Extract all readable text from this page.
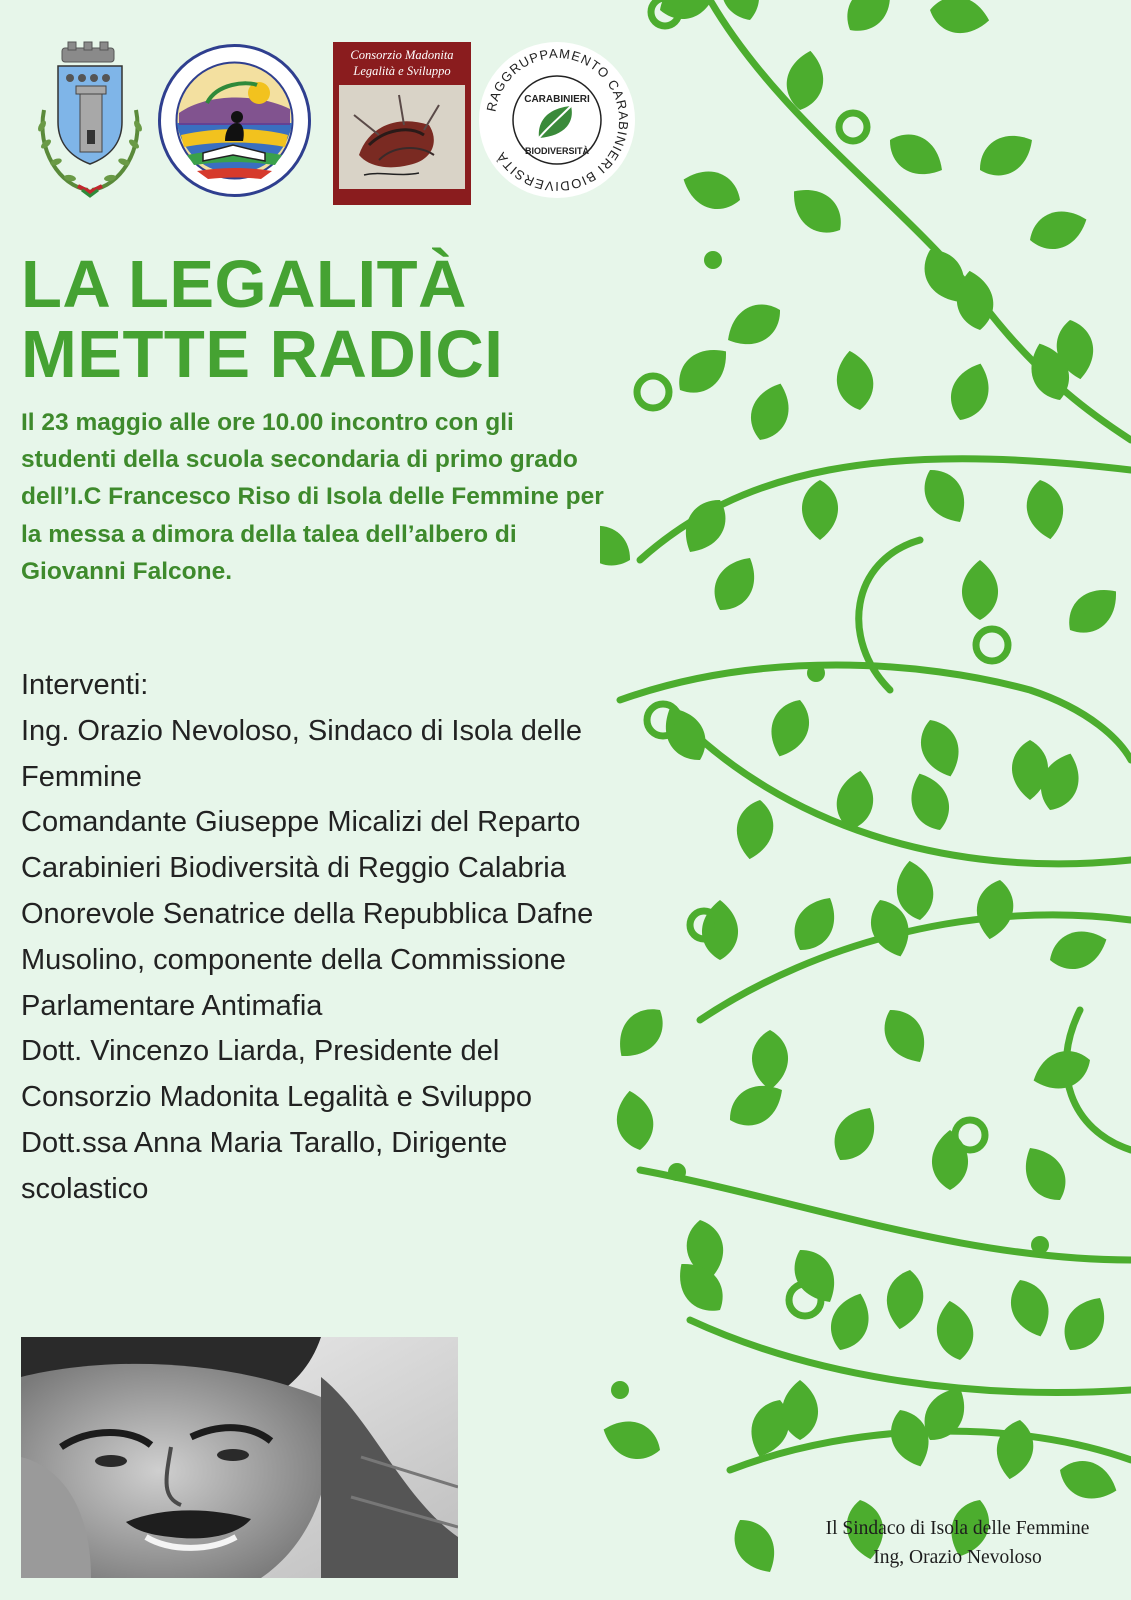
Consorzio Madonita
Legalità e Sviluppo
RAGGRUPPAMENTO CARABINIERI BIODIVERSITÀ
CARABINIERI
BIODIVERSITÀ
LA LEGALITÀ
METTE RADICI

Il 23 maggio alle ore 10.00 incontro con gli studenti della scuola secondaria di primo grado dell’I.C Francesco Riso di Isola delle Femmine per la messa a dimora della talea dell’albero di Giovanni Falcone.

Interventi:

Ing. Orazio Nevoloso, Sindaco di Isola delle Femmine

Comandante Giuseppe Micalizi del Reparto Carabinieri Biodiversità di Reggio Calabria

Onorevole Senatrice della Repubblica Dafne Musolino, componente della Commissione Parlamentare Antimafia

Dott. Vincenzo Liarda, Presidente del Consorzio Madonita Legalità e Sviluppo

Dott.ssa Anna Maria Tarallo, Dirigente scolastico

Il Sindaco di Isola delle Femmine
Ing, Orazio Nevoloso
